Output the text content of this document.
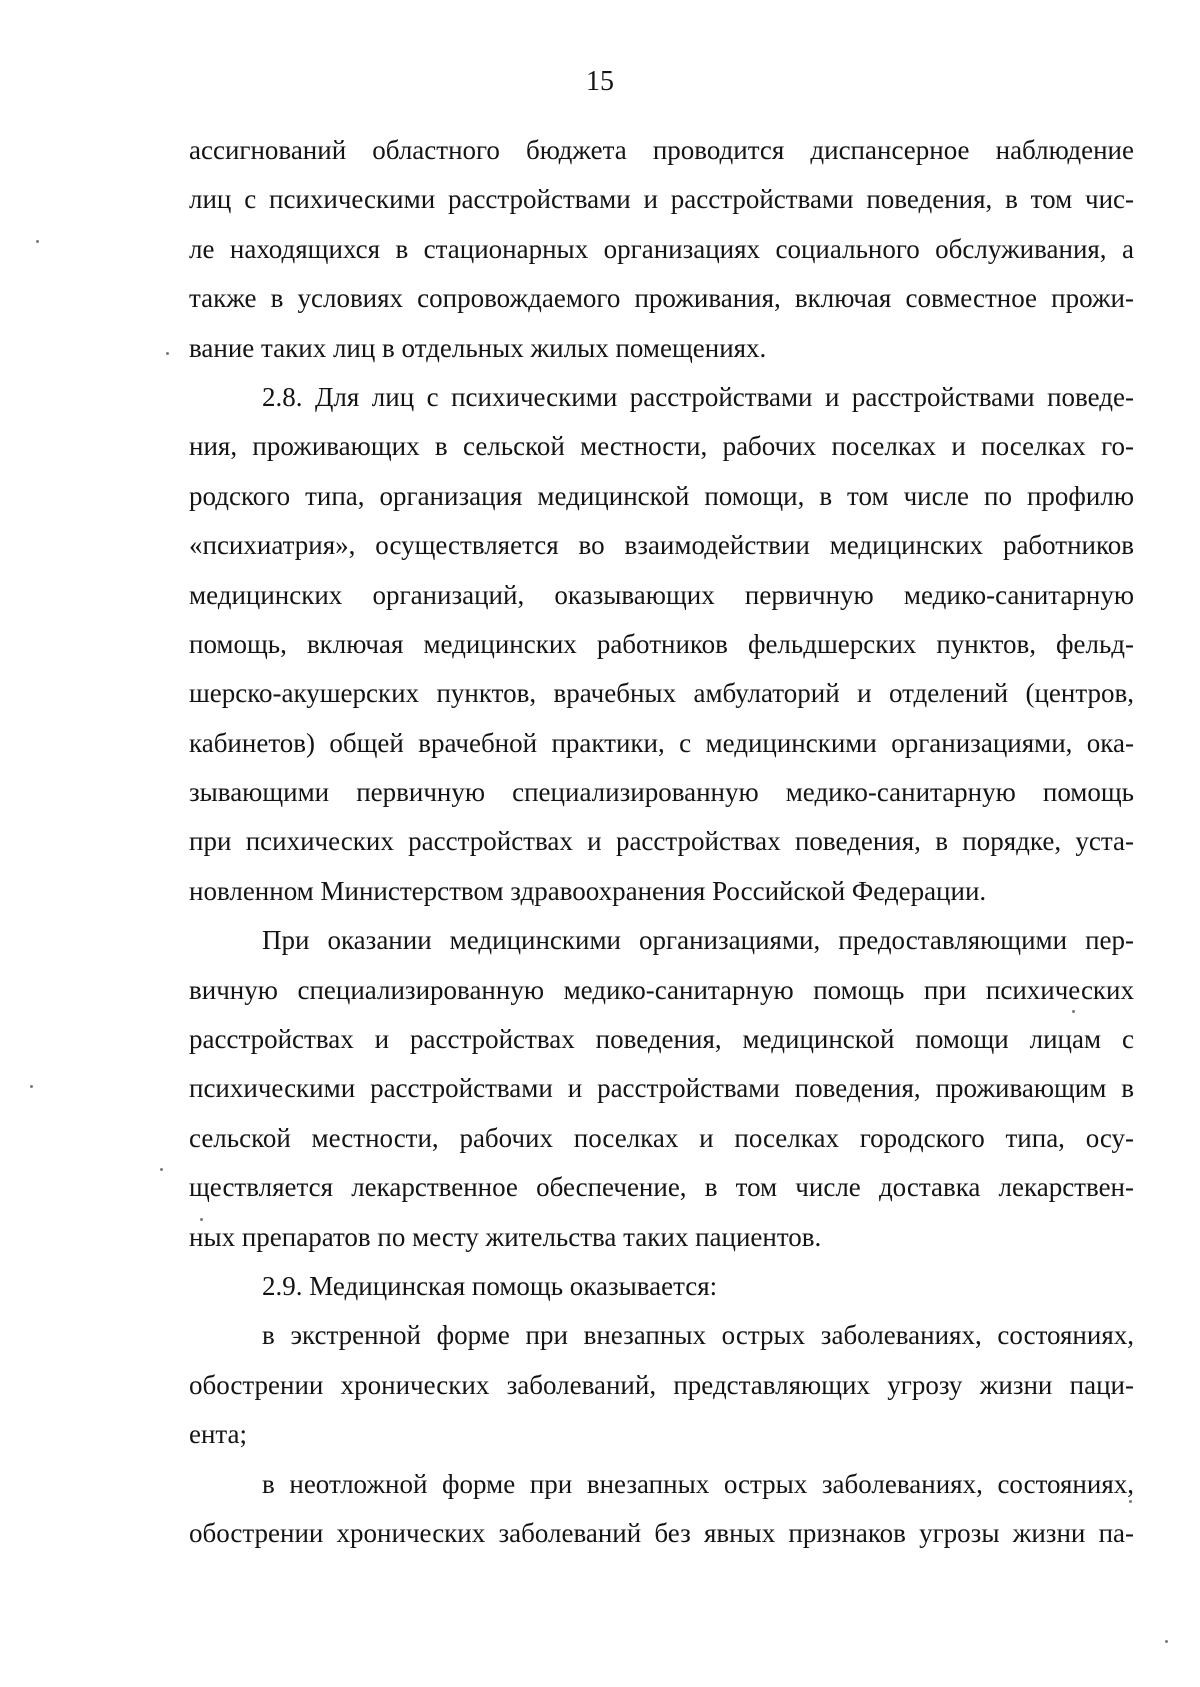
15
ассигнований областного бюджета проводится диспансерное наблюдение
лиц с психическими расстройствами и расстройствами поведения, в том чис-
ле находящихся в стационарных организациях социального обслуживания, а
также в условиях сопровождаемого проживания, включая совместное прожи-
вание таких лиц в отдельных жилых помещениях.
2.8. Для лиц с психическими расстройствами и расстройствами поведе-
ния, проживающих в сельской местности, рабочих поселках и поселках го-
родского типа, организация медицинской помощи, в том числе по профилю
«психиатрия», осуществляется во взаимодействии медицинских работников
медицинских организаций, оказывающих первичную медико-санитарную
помощь, включая медицинских работников фельдшерских пунктов, фельд-
шерско-акушерских пунктов, врачебных амбулаторий и отделений (центров,
кабинетов) общей врачебной практики, с медицинскими организациями, ока-
зывающими первичную специализированную медико-санитарную помощь
при психических расстройствах и расстройствах поведения, в порядке, уста-
новленном Министерством здравоохранения Российской Федерации.
При оказании медицинскими организациями, предоставляющими пер-
вичную специализированную медико-санитарную помощь при психических
расстройствах и расстройствах поведения, медицинской помощи лицам с
психическими расстройствами и расстройствами поведения, проживающим в
сельской местности, рабочих поселках и поселках городского типа, осу-
ществляется лекарственное обеспечение, в том числе доставка лекарствен-
ных препаратов по месту жительства таких пациентов.
2.9. Медицинская помощь оказывается:
в экстренной форме при внезапных острых заболеваниях, состояниях,
обострении хронических заболеваний, представляющих угрозу жизни паци-
ента;
в неотложной форме при внезапных острых заболеваниях, состояниях,
обострении хронических заболеваний без явных признаков угрозы жизни па-
